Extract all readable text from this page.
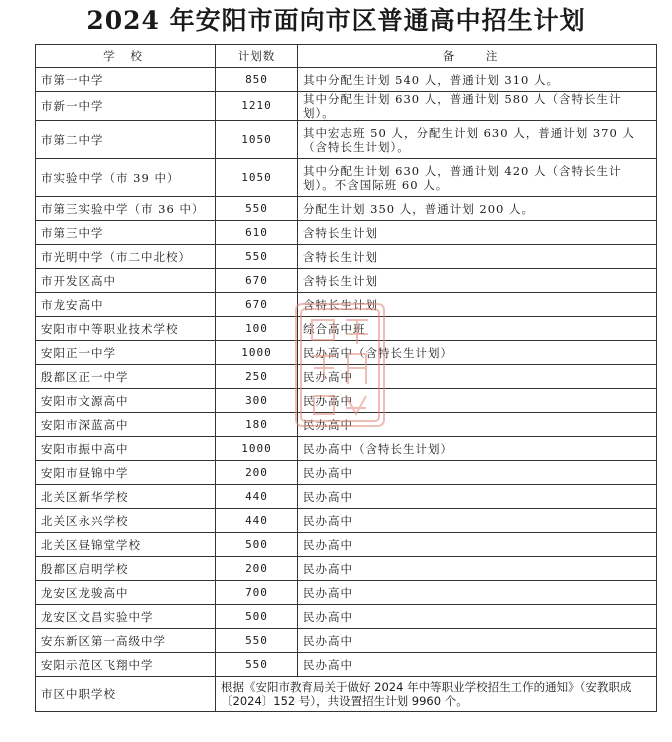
2024 年安阳市面向市区普通高中招生计划
学 校	计划数	备 注
市第一中学	850	其中分配生计划 540 人，普通计划 310 人。
市新一中学	1210	其中分配生计划 630 人，普通计划 580 人（含特长生计划）。
市第二中学	1050	其中宏志班 50 人，分配生计划 630 人，普通计划 370 人（含特长生计划）。
市实验中学（市 39 中）	1050	其中分配生计划 630 人，普通计划 420 人（含特长生计划）。不含国际班 60 人。
市第三实验中学（市 36 中）	550	分配生计划 350 人，普通计划 200 人。
市第三中学	610	含特长生计划
市光明中学（市二中北校）	550	含特长生计划
市开发区高中	670	含特长生计划
市龙安高中	670	含特长生计划
安阳市中等职业技术学校	100	综合高中班
安阳正一中学	1000	民办高中（含特长生计划）
殷都区正一中学	250	民办高中
安阳市文源高中	300	民办高中
安阳市深蓝高中	180	民办高中
安阳市振中高中	1000	民办高中（含特长生计划）
安阳市昼锦中学	200	民办高中
北关区新华学校	440	民办高中
北关区永兴学校	440	民办高中
北关区昼锦堂学校	500	民办高中
殷都区启明学校	200	民办高中
龙安区龙骏高中	700	民办高中
龙安区文昌实验中学	500	民办高中
安东新区第一高级中学	550	民办高中
安阳示范区飞翔中学	550	民办高中
市区中职学校	根据《安阳市教育局关于做好 2024 年中等职业学校招生工作的通知》（安教职成〔2024〕152 号），共设置招生计划 9960 个。	
